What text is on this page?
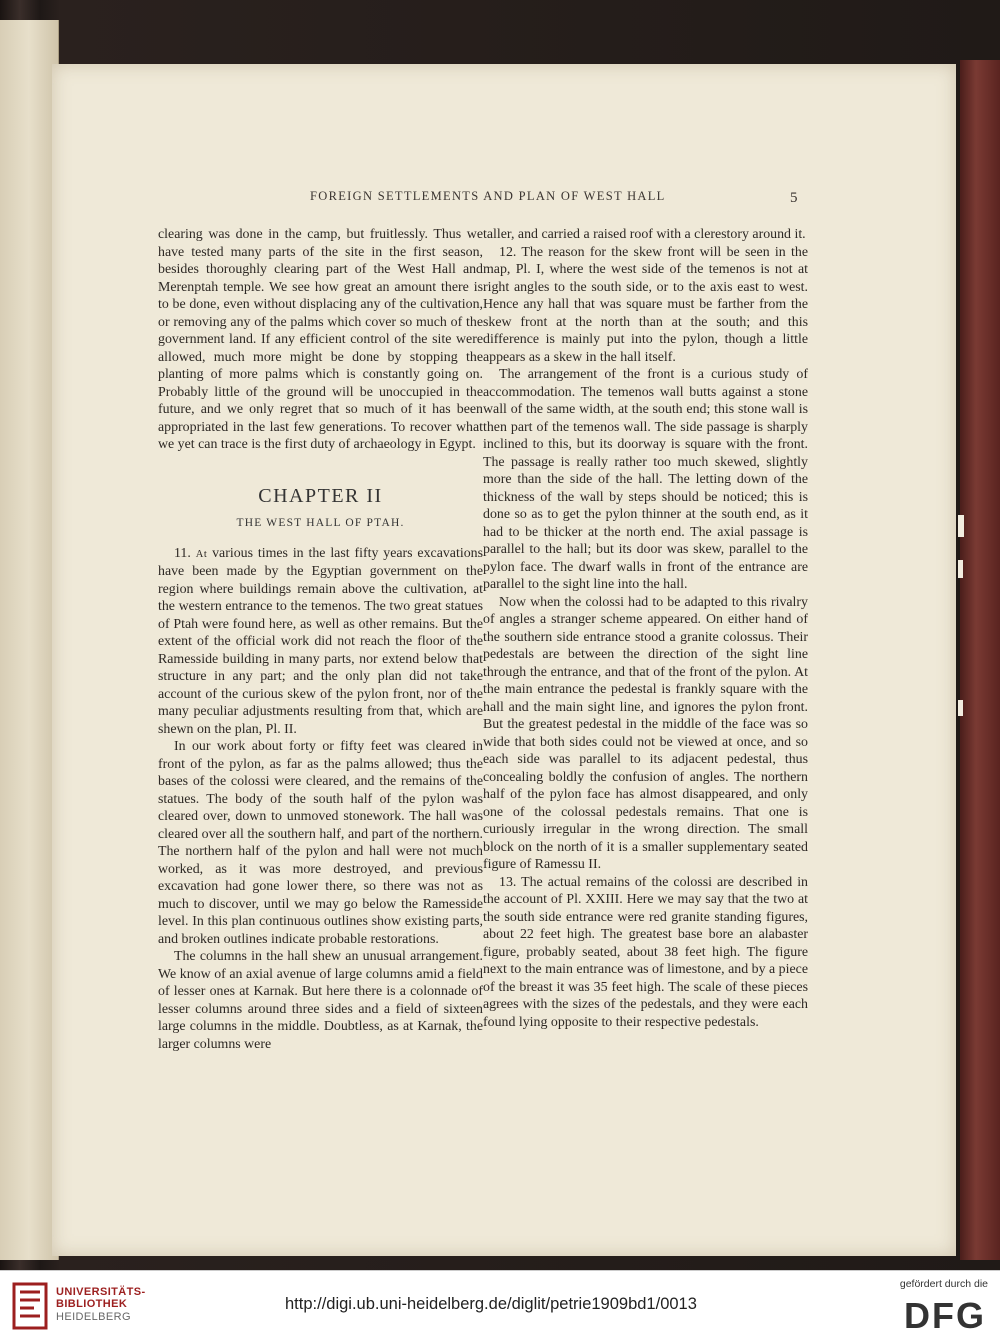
FOREIGN SETTLEMENTS AND PLAN OF WEST HALL	5

clearing was done in the camp, but fruitlessly. Thus we have tested many parts of the site in the first season, besides thoroughly clearing part of the West Hall and Merenptah temple. We see how great an amount there is to be done, even without displacing any of the cultivation, or removing any of the palms which cover so much of the government land. If any efficient control of the site were allowed, much more might be done by stopping the planting of more palms which is constantly going on. Probably little of the ground will be unoccupied in the future, and we only regret that so much of it has been appropriated in the last few generations. To recover what we yet can trace is the first duty of archaeology in Egypt.

CHAPTER II
THE WEST HALL OF PTAH.

11. At various times in the last fifty years excavations have been made by the Egyptian government on the region where buildings remain above the cultivation, at the western entrance to the temenos. The two great statues of Ptah were found here, as well as other remains. But the extent of the official work did not reach the floor of the Ramesside building in many parts, nor extend below that structure in any part; and the only plan did not take account of the curious skew of the pylon front, nor of the many peculiar adjustments resulting from that, which are shewn on the plan, Pl. II.

In our work about forty or fifty feet was cleared in front of the pylon, as far as the palms allowed; thus the bases of the colossi were cleared, and the remains of the statues. The body of the south half of the pylon was cleared over, down to unmoved stonework. The hall was cleared over all the southern half, and part of the northern. The northern half of the pylon and hall were not much worked, as it was more destroyed, and previous excavation had gone lower there, so there was not as much to discover, until we may go below the Ramesside level. In this plan continuous outlines show existing parts, and broken outlines indicate probable restorations.

The columns in the hall shew an unusual arrangement. We know of an axial avenue of large columns amid a field of lesser ones at Karnak. But here there is a colonnade of lesser columns around three sides and a field of sixteen large columns in the middle. Doubtless, as at Karnak, the larger columns were

taller, and carried a raised roof with a clerestory around it.

12. The reason for the skew front will be seen in the map, Pl. I, where the west side of the temenos is not at right angles to the south side, or to the axis east to west. Hence any hall that was square must be farther from the skew front at the north than at the south; and this difference is mainly put into the pylon, though a little appears as a skew in the hall itself.

The arrangement of the front is a curious study of accommodation. The temenos wall butts against a stone wall of the same width, at the south end; this stone wall is then part of the temenos wall. The side passage is sharply inclined to this, but its doorway is square with the front. The passage is really rather too much skewed, slightly more than the side of the hall. The letting down of the thickness of the wall by steps should be noticed; this is done so as to get the pylon thinner at the south end, as it had to be thicker at the north end. The axial passage is parallel to the hall; but its door was skew, parallel to the pylon face. The dwarf walls in front of the entrance are parallel to the sight line into the hall.

Now when the colossi had to be adapted to this rivalry of angles a stranger scheme appeared. On either hand of the southern side entrance stood a granite colossus. Their pedestals are between the direction of the sight line through the entrance, and that of the front of the pylon. At the main entrance the pedestal is frankly square with the hall and the main sight line, and ignores the pylon front. But the greatest pedestal in the middle of the face was so wide that both sides could not be viewed at once, and so each side was parallel to its adjacent pedestal, thus concealing boldly the confusion of angles. The northern half of the pylon face has almost disappeared, and only one of the colossal pedestals remains. That one is curiously irregular in the wrong direction. The small block on the north of it is a smaller supplementary seated figure of Ramessu II.

13. The actual remains of the colossi are described in the account of Pl. XXIII. Here we may say that the two at the south side entrance were red granite standing figures, about 22 feet high. The greatest base bore an alabaster figure, probably seated, about 38 feet high. The figure next to the main entrance was of limestone, and by a piece of the breast it was 35 feet high. The scale of these pieces agrees with the sizes of the pedestals, and they were each found lying opposite to their respective pedestals.

UNIVERSITÄTS-
BIBLIOTHEK
HEIDELBERG
http://digi.ub.uni-heidelberg.de/diglit/petrie1909bd1/0013
gefördert durch die
DFG
